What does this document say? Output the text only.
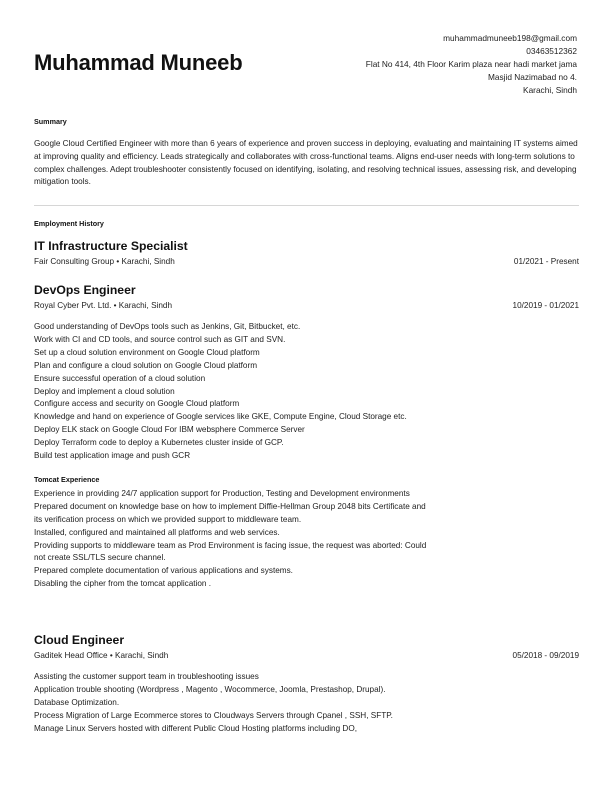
Muhammad Muneeb
muhammadmuneeb198@gmail.com
03463512362
Flat No 414, 4th Floor Karim plaza near hadi market jama
Masjid Nazimabad no 4.
Karachi, Sindh
Summary
Google Cloud Certified Engineer with more than 6 years of experience and proven success in deploying, evaluating and maintaining IT systems aimed at improving quality and efficiency. Leads strategically and collaborates with cross-functional teams. Aligns end-user needs with long-term solutions to complex challenges. Adept troubleshooter consistently focused on identifying, isolating, and resolving technical issues, assessing risk, and developing mitigation tools.
Employment History
IT Infrastructure Specialist
Fair Consulting Group • Karachi, Sindh	01/2021 - Present
DevOps Engineer
Royal Cyber Pvt. Ltd. • Karachi, Sindh	10/2019 - 01/2021
Good understanding of DevOps tools such as Jenkins, Git, Bitbucket, etc.
Work with CI and CD tools, and source control such as GIT and SVN.
Set up a cloud solution environment on Google Cloud platform
Plan and configure a cloud solution on Google Cloud platform
Ensure successful operation of a cloud solution
Deploy and implement a cloud solution
Configure access and security on Google Cloud platform
Knowledge and hand on experience of Google services like GKE, Compute Engine, Cloud Storage etc.
Deploy ELK stack on Google Cloud For IBM websphere Commerce Server
Deploy Terraform code to deploy a Kubernetes cluster inside of GCP.
Build test application image and push GCR
Tomcat Experience
Experience in providing 24/7 application support for Production, Testing and Development environments
Prepared document on knowledge base on how to implement Diffie-Hellman Group 2048 bits Certificate and its verification process on which we provided support to middleware team.
Installed, configured and maintained all platforms and web services.
Providing supports to middleware team as Prod Environment is facing issue, the request was aborted: Could not create SSL/TLS secure channel.
Prepared complete documentation of various applications and systems.
Disabling the cipher from the tomcat application .
Cloud Engineer
Gaditek Head Office • Karachi, Sindh	05/2018 - 09/2019
Assisting the customer support team in troubleshooting issues
Application trouble shooting (Wordpress , Magento , Wocommerce, Joomla, Prestashop, Drupal).
Database Optimization.
Process Migration of Large Ecommerce stores to Cloudways Servers through Cpanel , SSH, SFTP.
Manage Linux Servers hosted with different Public Cloud Hosting platforms including DO,
